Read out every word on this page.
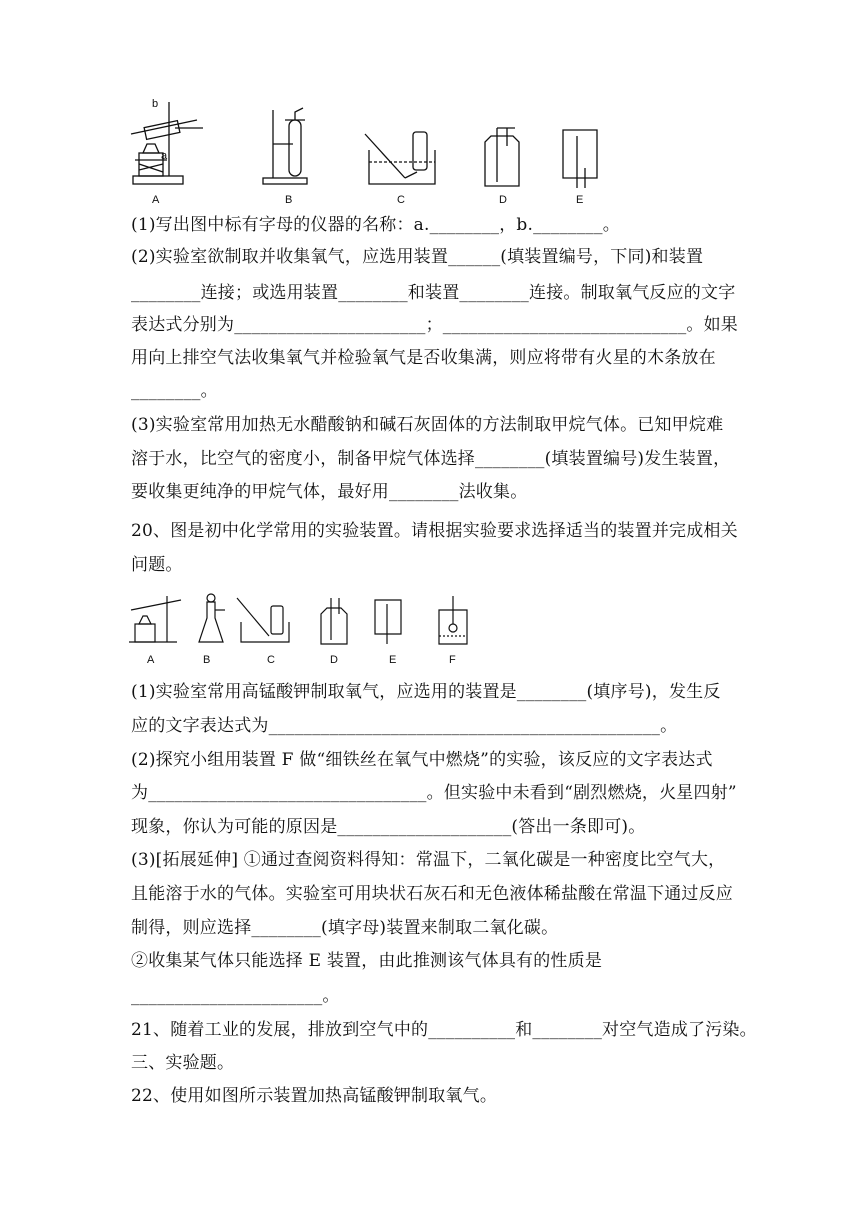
b
a
A	B	C	D	E
(1)写出图中标有字母的仪器的名称：a.________，b.________。
(2)实验室欲制取并收集氧气，应选用装置______(填装置编号，下同)和装置
________连接；或选用装置________和装置________连接。制取氧气反应的文字
表达式分别为______________________；____________________________。如果
用向上排空气法收集氧气并检验氧气是否收集满，则应将带有火星的木条放在
________。
(3)实验室常用加热无水醋酸钠和碱石灰固体的方法制取甲烷气体。已知甲烷难
溶于水，比空气的密度小，制备甲烷气体选择________(填装置编号)发生装置，
要收集更纯净的甲烷气体，最好用________法收集。
20、图是初中化学常用的实验装置。请根据实验要求选择适当的装置并完成相关
问题。
A	B	C	D	E	F
(1)实验室常用高锰酸钾制取氧气，应选用的装置是________(填序号)，发生反
应的文字表达式为_____________________________________________。
(2)探究小组用装置 F 做“细铁丝在氧气中燃烧”的实验，该反应的文字表达式
为________________________________。但实验中未看到“剧烈燃烧，火星四射”
现象，你认为可能的原因是____________________(答出一条即可)。
(3)[拓展延伸] ①通过查阅资料得知：常温下，二氧化碳是一种密度比空气大，
且能溶于水的气体。实验室可用块状石灰石和无色液体稀盐酸在常温下通过反应
制得，则应选择________(填字母)装置来制取二氧化碳。
②收集某气体只能选择 E 装置，由此推测该气体具有的性质是
______________________。
21、随着工业的发展，排放到空气中的__________和________对空气造成了污染。
三、实验题。
22、使用如图所示装置加热高锰酸钾制取氧气。
